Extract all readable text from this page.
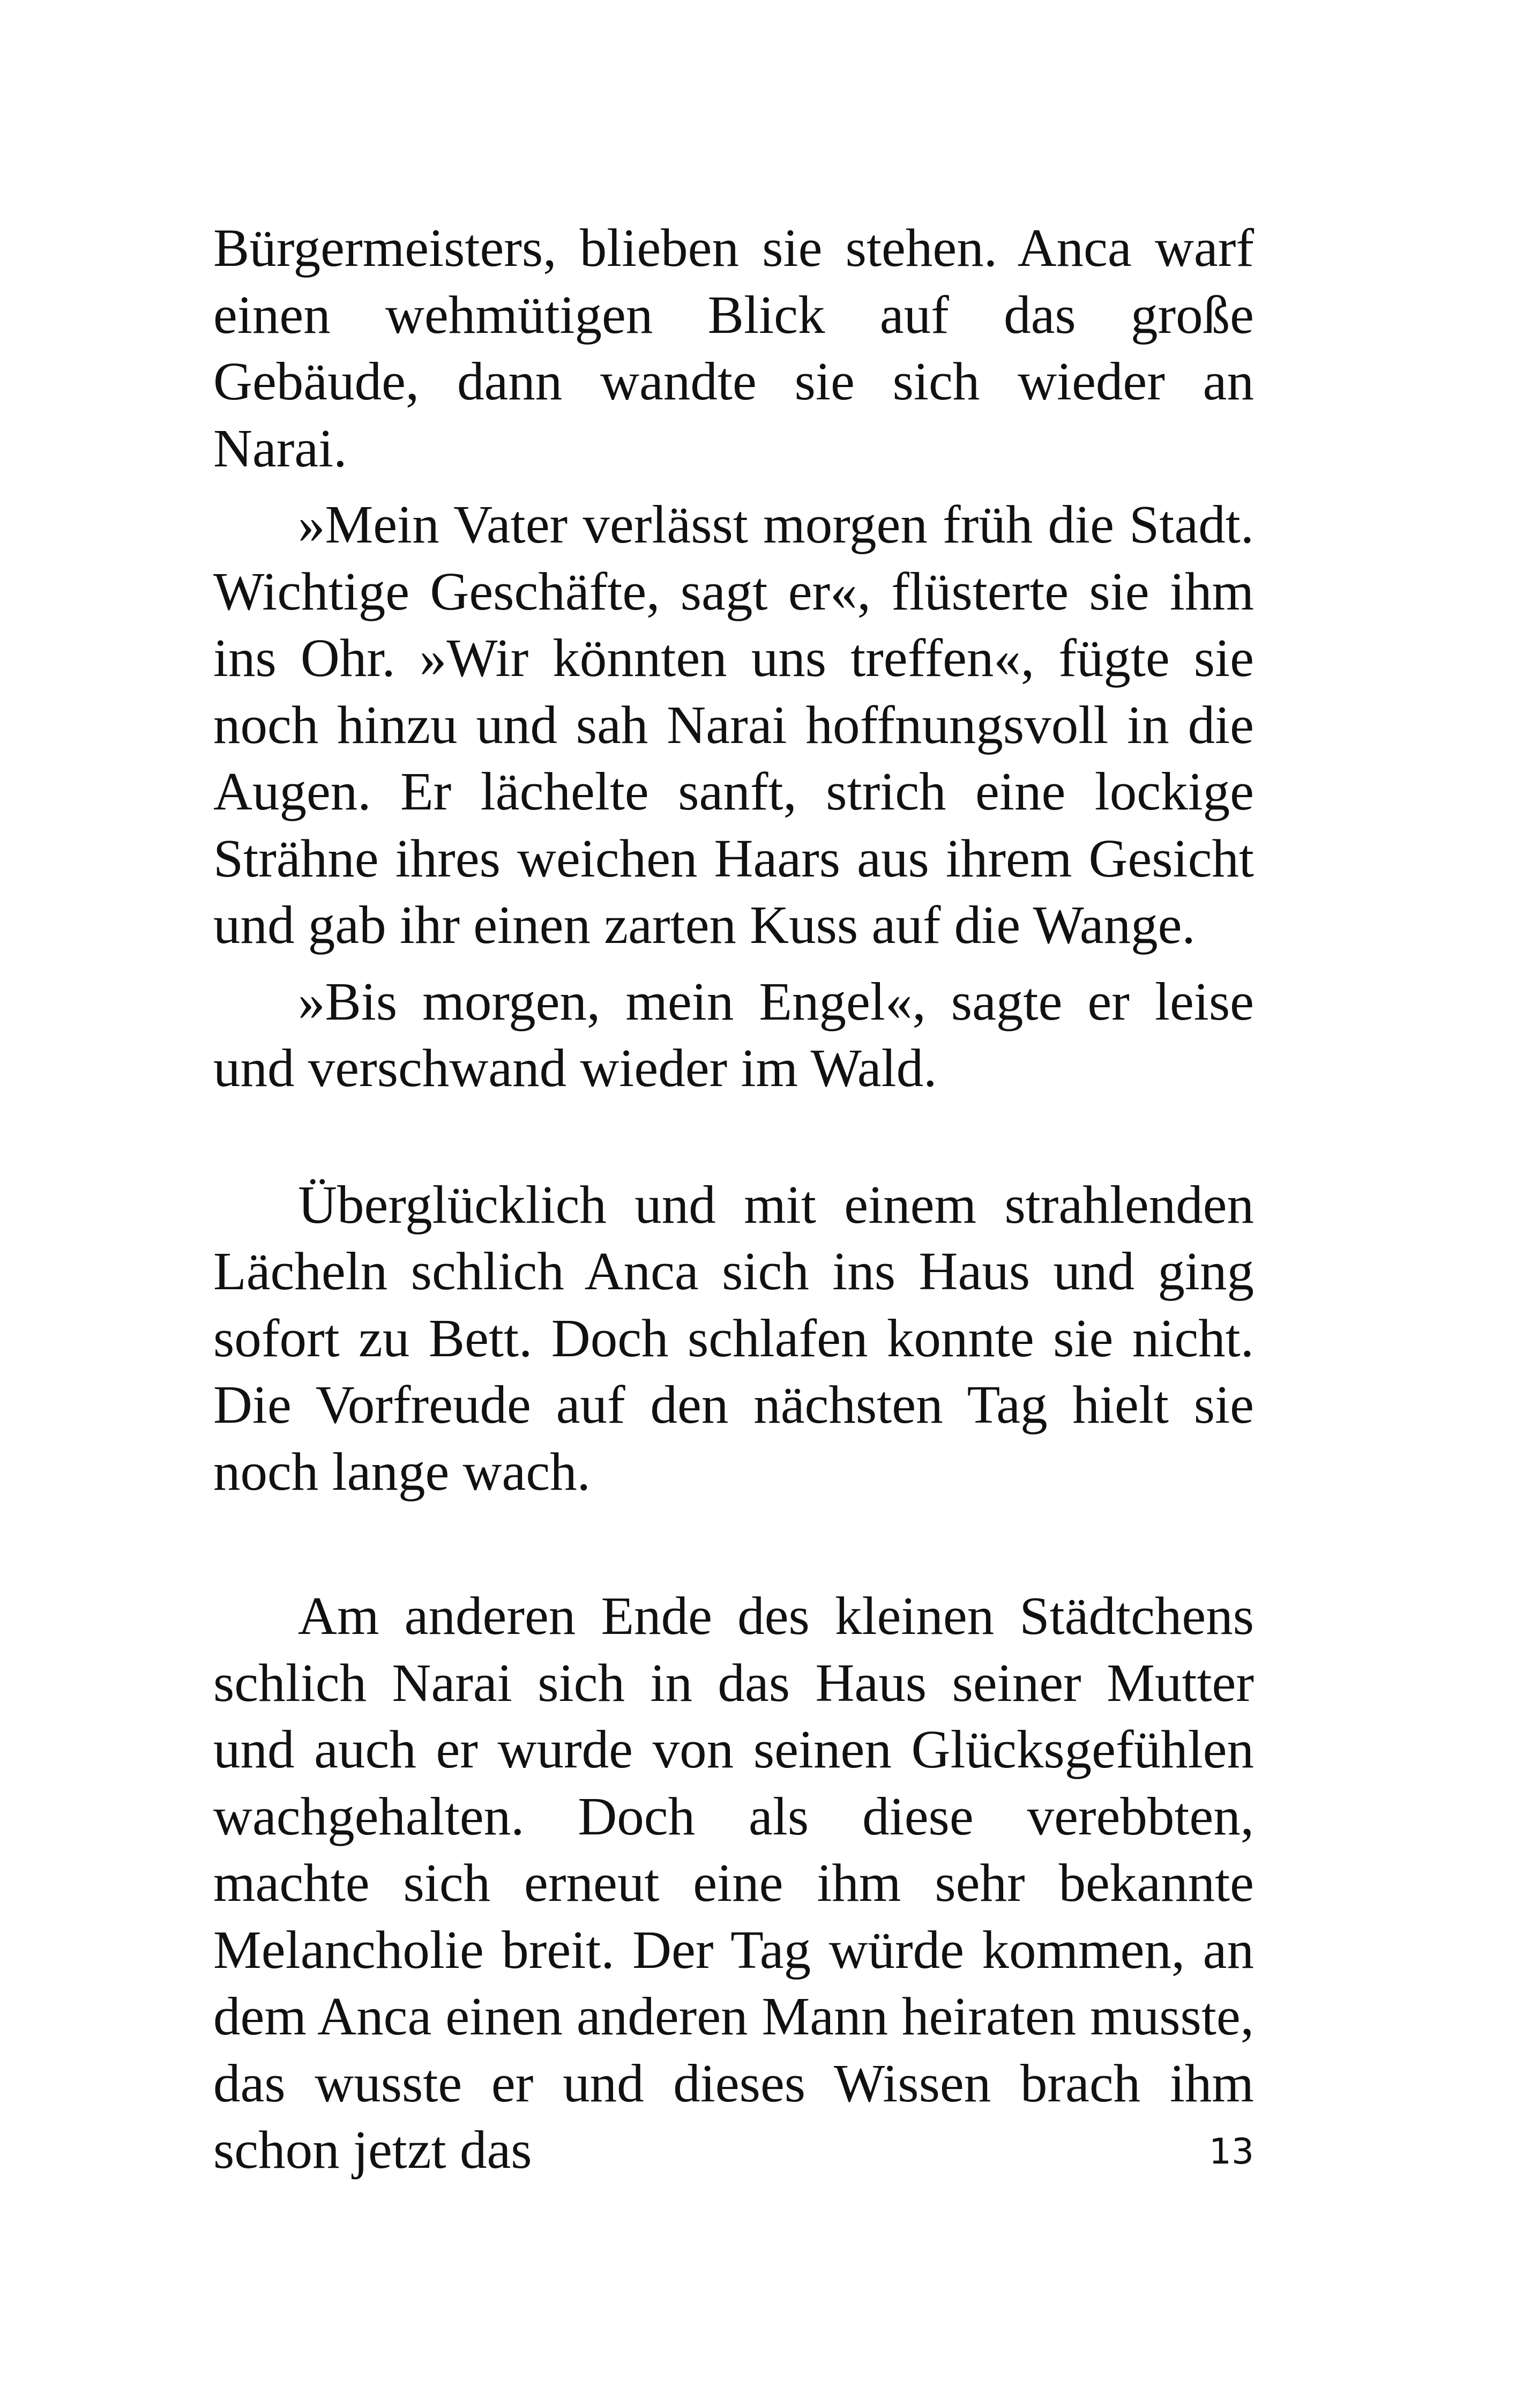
Bürgermeisters, blieben sie stehen. Anca warf einen wehmütigen Blick auf das große Gebäude, dann wandte sie sich wieder an Narai.

»Mein Vater verlässt morgen früh die Stadt. Wichtige Geschäfte, sagt er«, flüsterte sie ihm ins Ohr. »Wir könnten uns treffen«, fügte sie noch hinzu und sah Narai hoffnungsvoll in die Augen. Er lächelte sanft, strich eine lockige Strähne ihres weichen Haars aus ihrem Gesicht und gab ihr einen zarten Kuss auf die Wange.

»Bis morgen, mein Engel«, sagte er leise und verschwand wieder im Wald.

Überglücklich und mit einem strahlenden Lächeln schlich Anca sich ins Haus und ging sofort zu Bett. Doch schlafen konnte sie nicht. Die Vorfreude auf den nächsten Tag hielt sie noch lange wach.

Am anderen Ende des kleinen Städtchens schlich Narai sich in das Haus seiner Mutter und auch er wurde von seinen Glücksgefühlen wachgehalten. Doch als diese verebbten, machte sich erneut eine ihm sehr bekannte Melancholie breit. Der Tag würde kommen, an dem Anca einen anderen Mann heiraten musste, das wusste er und dieses Wissen brach ihm schon jetzt das	13
